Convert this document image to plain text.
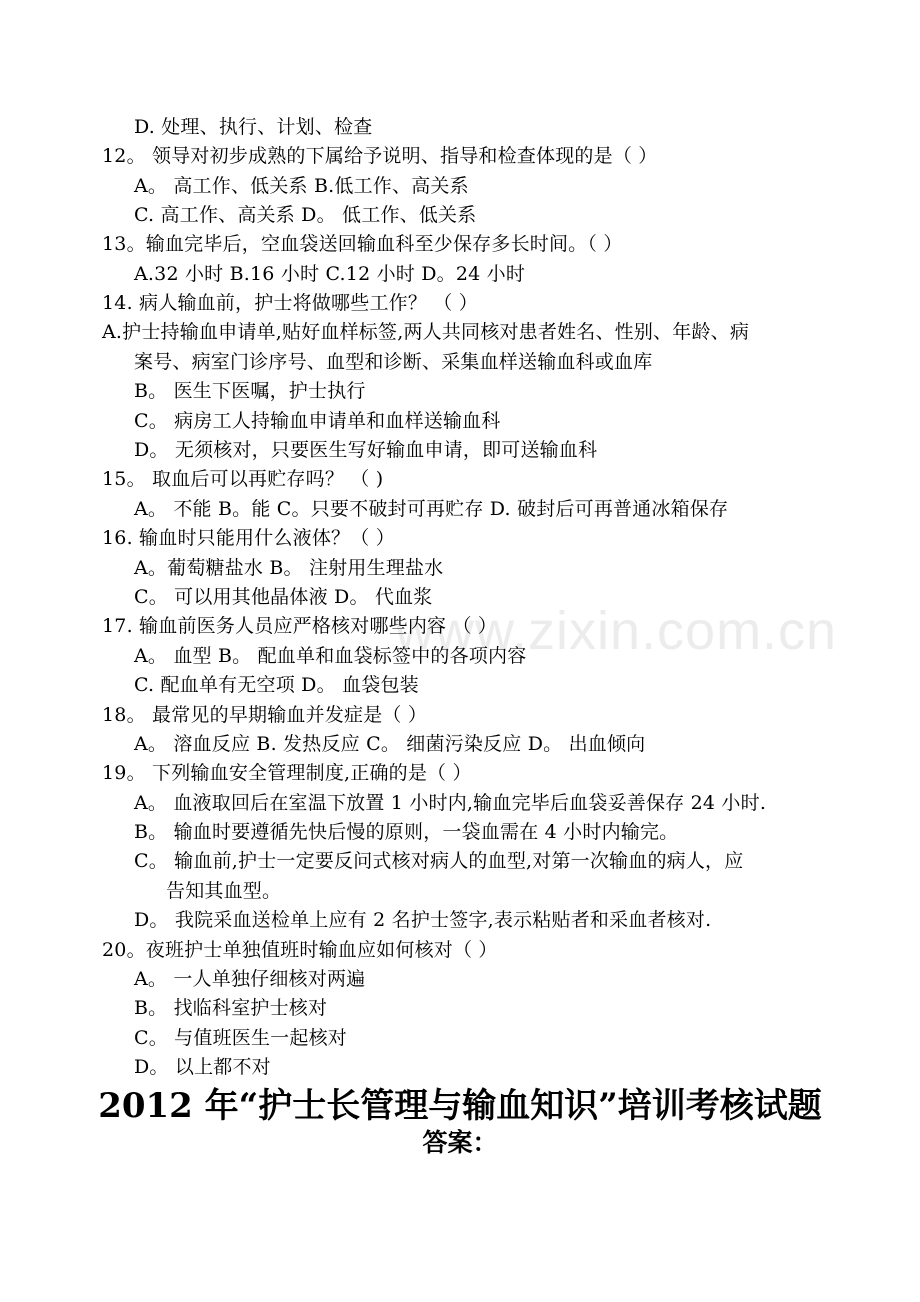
www.zixin.com.cn
D. 处理、执行、计划、检查
12。 领导对初步成熟的下属给予说明、指导和检查体现的是（ ）
A。 高工作、低关系 B.低工作、高关系
C. 高工作、高关系 D。 低工作、低关系
13。输血完毕后，空血袋送回输血科至少保存多长时间。（ ）
A.32 小时 B.16 小时 C.12 小时 D。24 小时
14. 病人输血前，护士将做哪些工作？ （ ）
A.护士持输血申请单,贴好血样标签,两人共同核对患者姓名、性别、年龄、病
案号、病室门诊序号、血型和诊断、采集血样送输血科或血库
B。 医生下医嘱，护士执行
C。 病房工人持输血申请单和血样送输血科
D。 无须核对，只要医生写好输血申请，即可送输血科
15。 取血后可以再贮存吗？ （ )
A。 不能 B。能 C。只要不破封可再贮存 D. 破封后可再普通冰箱保存
16. 输血时只能用什么液体？（ ）
A。葡萄糖盐水 B。 注射用生理盐水
C。 可以用其他晶体液 D。 代血浆
17. 输血前医务人员应严格核对哪些内容 （ ）
A。 血型 B。 配血单和血袋标签中的各项内容
C. 配血单有无空项 D。 血袋包装
18。 最常见的早期输血并发症是（ ）
A。 溶血反应 B. 发热反应 C。 细菌污染反应 D。 出血倾向
19。 下列输血安全管理制度,正确的是（ ）
A。 血液取回后在室温下放置 1 小时内,输血完毕后血袋妥善保存 24 小时.
B。 输血时要遵循先快后慢的原则，一袋血需在 4 小时内输完。
C。 输血前,护士一定要反问式核对病人的血型,对第一次输血的病人，应
告知其血型。
D。 我院采血送检单上应有 2 名护士签字,表示粘贴者和采血者核对.
20。夜班护士单独值班时输血应如何核对（ ）
A。 一人单独仔细核对两遍
B。 找临科室护士核对
C。 与值班医生一起核对
D。 以上都不对
2012 年“护士长管理与输血知识”培训考核试题
答案：
